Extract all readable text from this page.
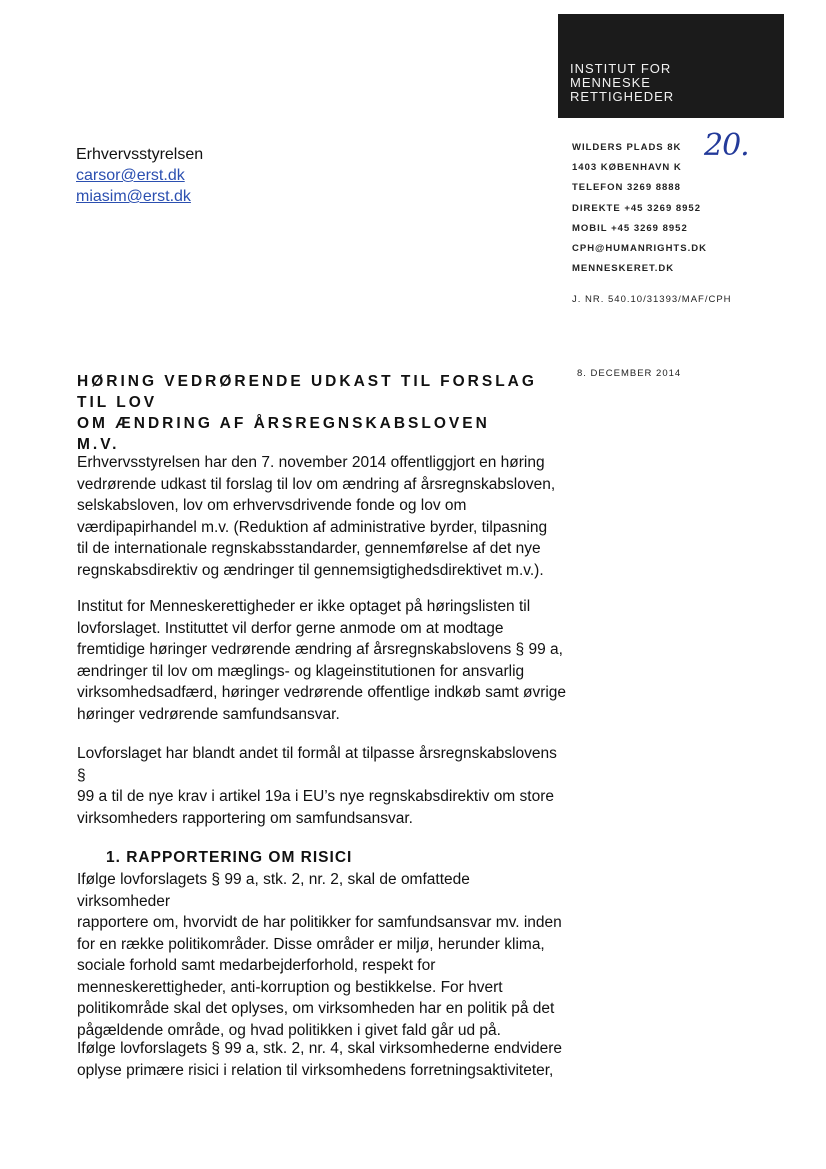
INSTITUT FOR
MENNESKE
RETTIGHEDER
Erhvervsstyrelsen
carsor@erst.dk
miasim@erst.dk
20.
WILDERS PLADS 8K
1403 KØBENHAVN K
TELEFON 3269 8888
DIREKTE +45 3269 8952
MOBIL +45 3269 8952
CPH@HUMANRIGHTS.DK
MENNESKERET.DK
J. NR. 540.10/31393/MAF/CPH
8. DECEMBER 2014
HØRING VEDRØRENDE UDKAST TIL FORSLAG TIL LOV
OM ÆNDRING AF ÅRSREGNSKABSLOVEN
M.V.
Erhvervsstyrelsen har den 7. november 2014 offentliggjort en høring
vedrørende udkast til forslag til lov om ændring af årsregnskabsloven,
selskabsloven, lov om erhvervsdrivende fonde og lov om
værdipapirhandel m.v. (Reduktion af administrative byrder, tilpasning
til de internationale regnskabsstandarder, gennemførelse af det nye
regnskabsdirektiv og ændringer til gennemsigtighedsdirektivet m.v.).
Institut for Menneskerettigheder er ikke optaget på høringslisten til
lovforslaget. Instituttet vil derfor gerne anmode om at modtage
fremtidige høringer vedrørende ændring af årsregnskabslovens § 99 a,
ændringer til lov om mæglings- og klageinstitutionen for ansvarlig
virksomhedsadfærd, høringer vedrørende offentlige indkøb samt øvrige
høringer vedrørende samfundsansvar.
Lovforslaget har blandt andet til formål at tilpasse årsregnskabslovens §
99 a til de nye krav i artikel 19a i EU’s nye regnskabsdirektiv om store
virksomheders rapportering om samfundsansvar.
1. RAPPORTERING OM RISICI
Ifølge lovforslagets § 99 a, stk. 2, nr. 2, skal de omfattede virksomheder
rapportere om, hvorvidt de har politikker for samfundsansvar mv. inden
for en række politikområder. Disse områder er miljø, herunder klima,
sociale forhold samt medarbejderforhold, respekt for
menneskerettigheder, anti-korruption og bestikkelse. For hvert
politikområde skal det oplyses, om virksomheden har en politik på det
pågældende område, og hvad politikken i givet fald går ud på.
Ifølge lovforslagets § 99 a, stk. 2, nr. 4, skal virksomhederne endvidere
oplyse primære risici i relation til virksomhedens forretningsaktiviteter,
